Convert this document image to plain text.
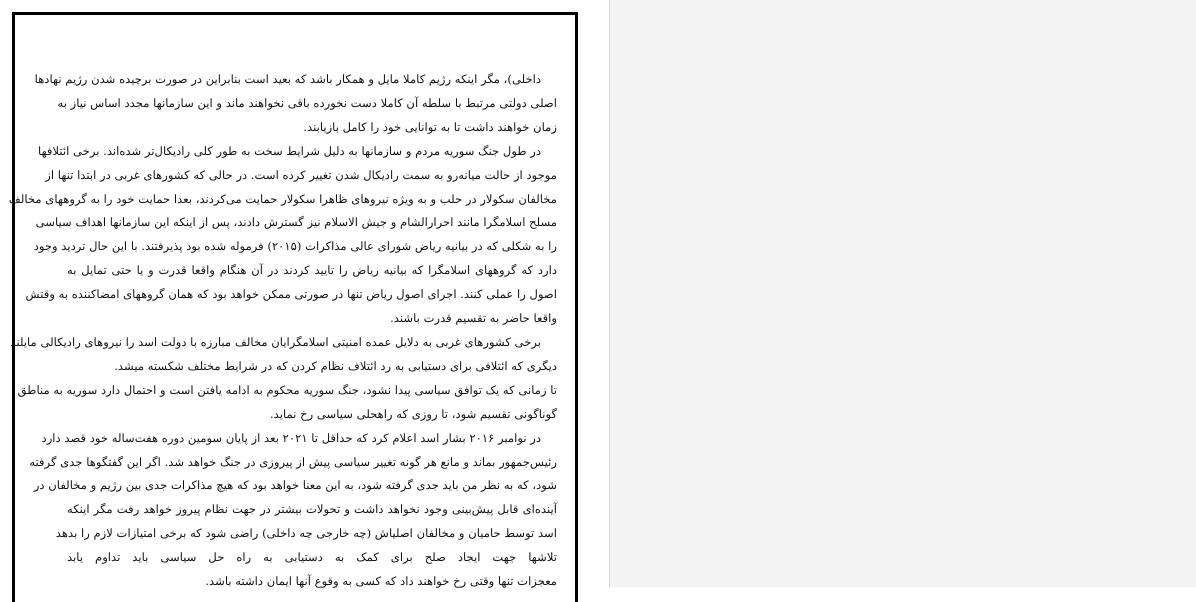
داخلی)، مگر اینکه رژیم کاملا مایل و همکار باشد که بعید است بنابراین در صورت برچیده شدن رژیم نهادها
اصلی دولتی مرتبط با سلطه آن کاملا دست نخورده باقی نخواهند ماند و این سازمانها مجدد اساس نیاز به
زمان خواهند داشت تا به توانایی خود را کامل بازیابند.
در طول جنگ سوریه مردم و سازمانها به دلیل شرایط سخت به طور کلی رادیکال‌تر شده‌اند. برخی ائتلافها
موجود از حالت میانه‌رو به سمت رادیکال شدن تغییر کرده است. در حالی که کشورهای غربی در ابتدا تنها از
مخالفان سکولار در حلب و به ویژه نیروهای ظاهرا سکولار حمایت می‌کردند، بعدا حمایت خود را به گروههای مخالف
مسلح اسلامگرا مانند احرارالشام و جیش الاسلام نیز گسترش دادند، پس از اینکه این سازمانها اهداف سیاسی
را به شکلی که در بیانیه ریاض شورای عالی مذاکرات (۲۰۱۵) فرموله شده بود پذیرفتند. با این حال تردید وجود
دارد که گروههای اسلامگرا که بیانیه ریاض را تایید کردند در آن هنگام واقعا قدرت و یا حتی تمایل به
اصول را عملی کنند. اجرای اصول ریاض تنها در صورتی ممکن خواهد بود که همان گروههای امضاکننده به وقتش
واقعا حاضر به تقسیم قدرت باشند.
برخی کشورهای غربی به دلایل عمده امنیتی اسلامگرایان مخالف مبارزه با دولت اسد را نیروهای رادیکالی مایلند
دیگری که ائتلافی برای دستیابی به رد ائتلاف نظام کردن که در شرایط مختلف شکسته میشد.
تا زمانی که یک توافق سیاسی پیدا نشود، جنگ سوریه محکوم به ادامه یافتن است و احتمال دارد سوریه به مناطق
گوناگونی تقسیم شود، تا روزی که راهحلی سیاسی رخ نماید.
در نوامبر ۲۰۱۶ بشار اسد اعلام کرد که حداقل تا ۲۰۲۱ بعد از پایان سومین دوره هفت‌ساله خود قصد دارد
رئیس‌جمهور بماند و مانع هر گونه تغییر سیاسی پیش از پیروزی در جنگ خواهد شد. اگر این گفتگوها جدی گرفته
شود، که به نظر من باید جدی گرفته شود، به این معنا خواهد بود که هیچ مذاکرات جدی بین رژیم و مخالفان در
آینده‌ای قابل پیش‌بینی وجود نخواهد داشت و تحولات بیشتر در جهت نظام پیروز خواهد رفت مگر اینکه
اسد توسط حامیان و مخالفان اصلیاش (چه خارجی چه داخلی) راضی شود که برخی امتیازات لازم را بدهد
تلاشها جهت ایجاد صلح برای کمک به دستیابی به راه حل سیاسی باید تداوم یابد
معجزات تنها وقتی رخ خواهند داد که کسی به وقوع آنها ایمان داشته باشد.
